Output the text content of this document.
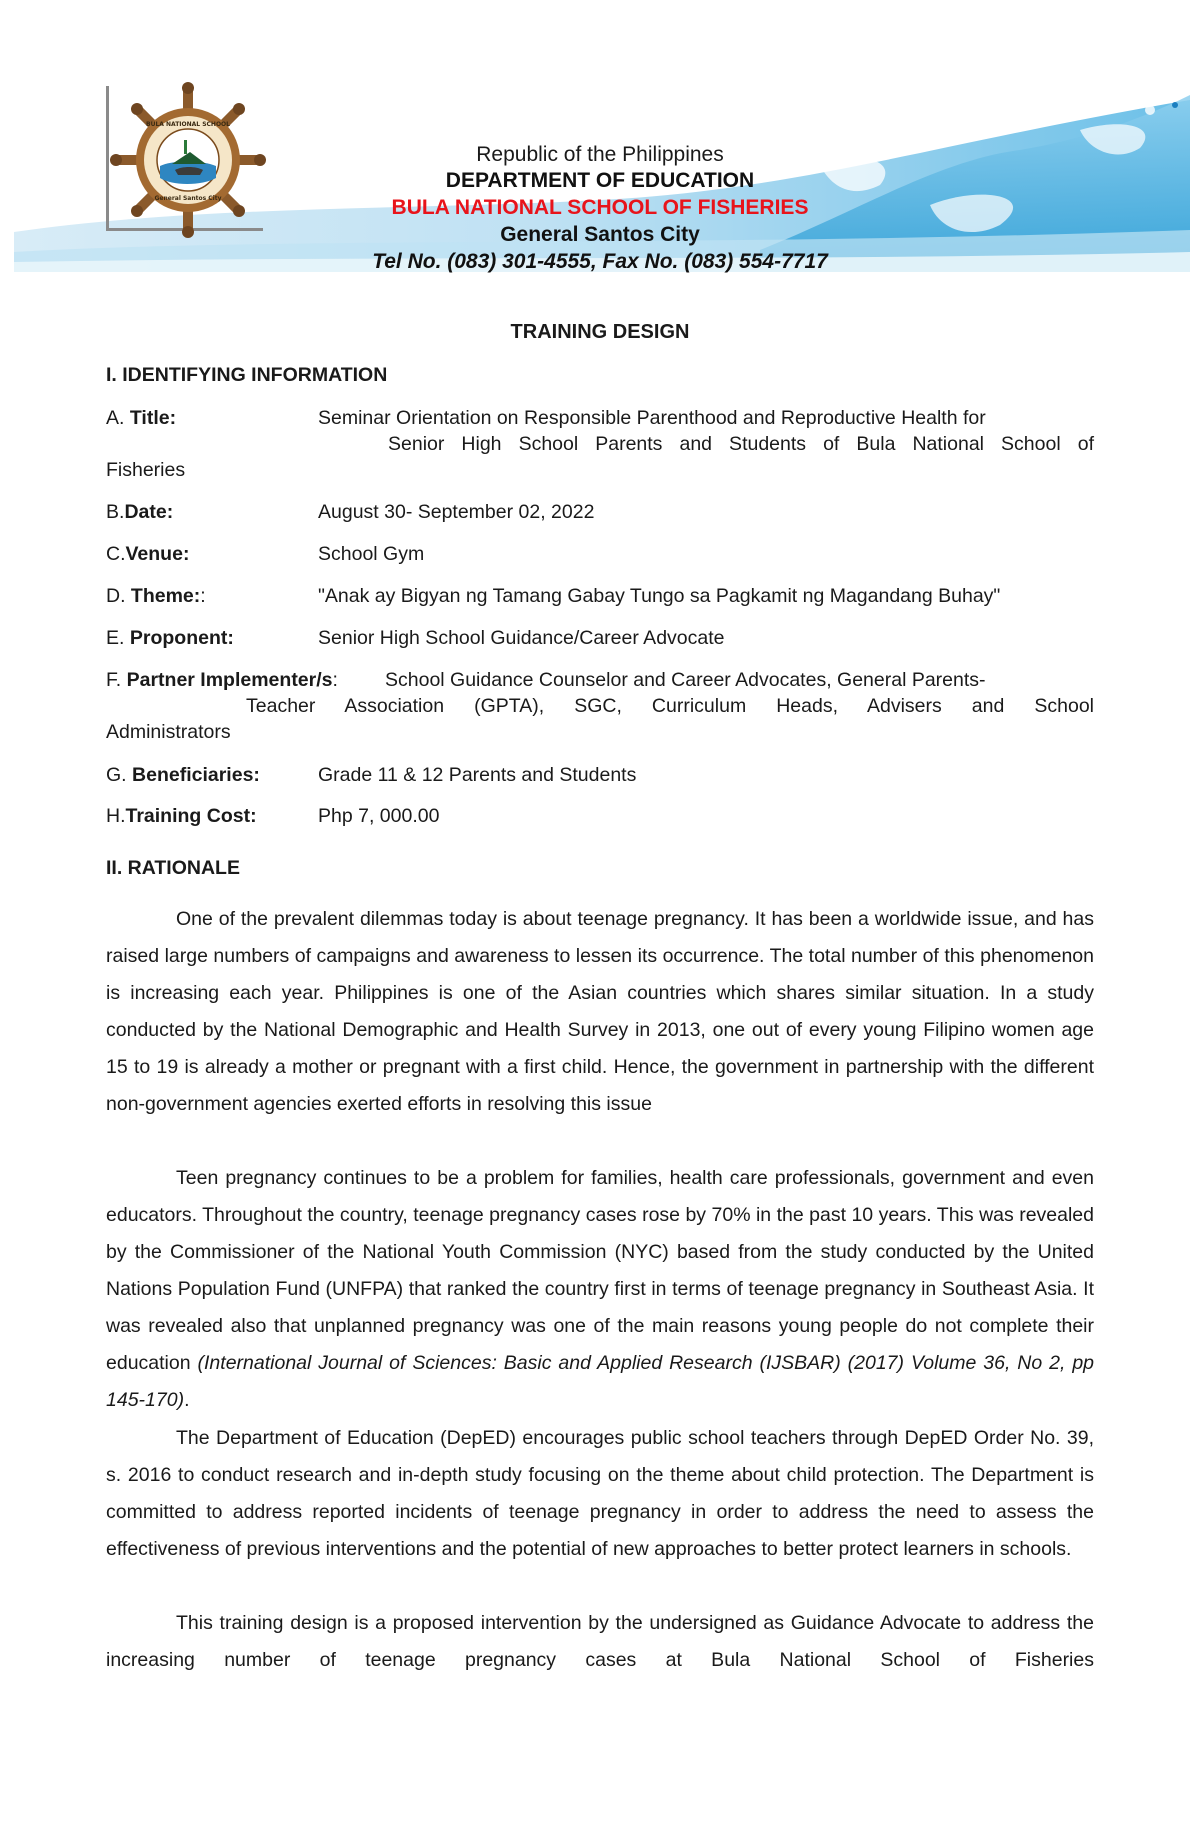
BULA NATIONAL SCHOOL
General Santos City
Republic of the Philippines
DEPARTMENT OF EDUCATION
BULA NATIONAL SCHOOL OF FISHERIES
General Santos City
Tel No. (083) 301-4555, Fax No. (083) 554-7717
TRAINING DESIGN
I. IDENTIFYING INFORMATION
A. Title:	Seminar Orientation on Responsible Parenthood and Reproductive Health for
Senior High School Parents and Students of Bula National School of
Fisheries
B.Date:	August 30- September 02, 2022
C.Venue:	School Gym
D. Theme::	"Anak ay Bigyan ng Tamang Gabay Tungo sa Pagkamit ng Magandang Buhay"
E. Proponent:	Senior High School Guidance/Career Advocate
F. Partner Implementer/s: School Guidance Counselor and Career Advocates, General Parents-
Teacher Association (GPTA), SGC, Curriculum Heads, Advisers and School
Administrators
G. Beneficiaries:	Grade 11 & 12 Parents and Students
H.Training Cost:	Php 7, 000.00
II. RATIONALE
One of the prevalent dilemmas today is about teenage pregnancy. It has been a worldwide issue, and has raised large numbers of campaigns and awareness to lessen its occurrence. The total number of this phenomenon is increasing each year. Philippines is one of the Asian countries which shares similar situation. In a study conducted by the National Demographic and Health Survey in 2013, one out of every young Filipino women age 15 to 19 is already a mother or pregnant with a first child. Hence, the government in partnership with the different non-government agencies exerted efforts in resolving this issue
Teen pregnancy continues to be a problem for families, health care professionals, government and even educators. Throughout the country, teenage pregnancy cases rose by 70% in the past 10 years. This was revealed by the Commissioner of the National Youth Commission (NYC) based from the study conducted by the United Nations Population Fund (UNFPA) that ranked the country first in terms of teenage pregnancy in Southeast Asia. It was revealed also that unplanned pregnancy was one of the main reasons young people do not complete their education (International Journal of Sciences: Basic and Applied Research (IJSBAR) (2017) Volume 36, No 2, pp 145-170).
The Department of Education (DepED) encourages public school teachers through DepED Order No. 39, s. 2016 to conduct research and in-depth study focusing on the theme about child protection. The Department is committed to address reported incidents of teenage pregnancy in order to address the need to assess the effectiveness of previous interventions and the potential of new approaches to better protect learners in schools.
This training design is a proposed intervention by the undersigned as Guidance Advocate to address the increasing number of teenage pregnancy cases at Bula National School of Fisheries
